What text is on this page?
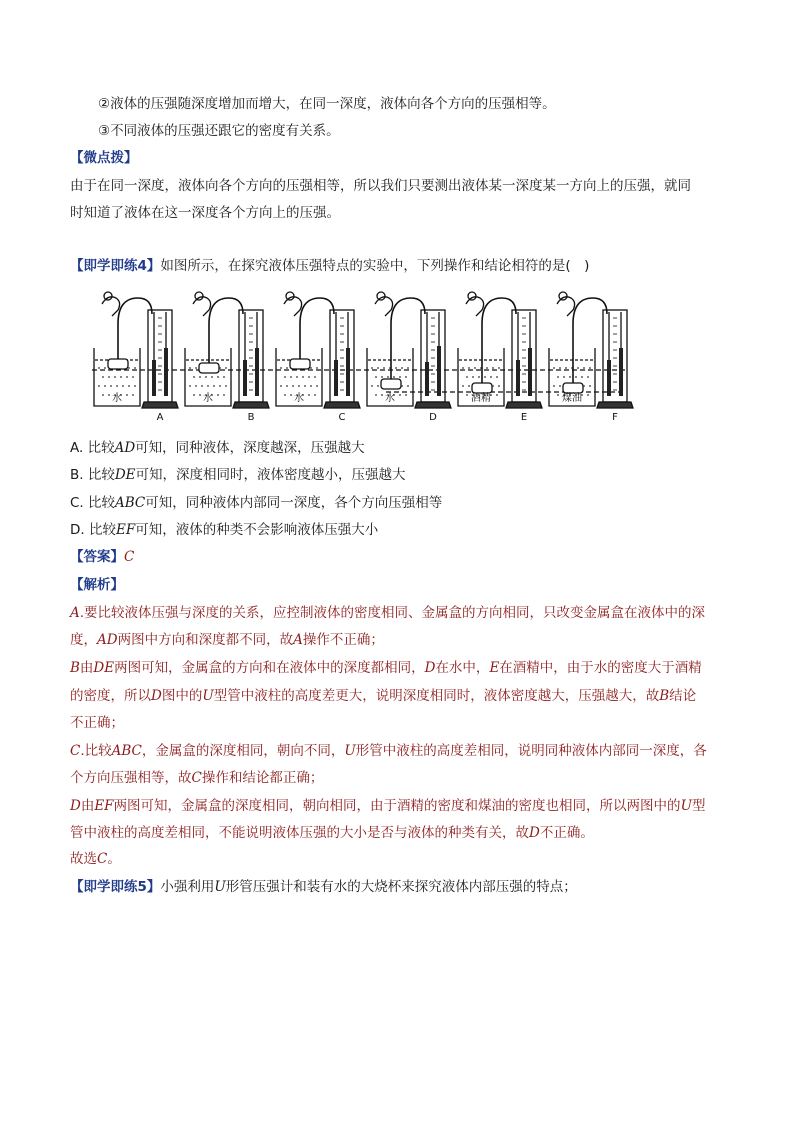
②液体的压强随深度增加而增大，在同一深度，液体向各个方向的压强相等。
③不同液体的压强还跟它的密度有关系。
【微点拨】
由于在同一深度，液体向各个方向的压强相等，所以我们只要测出液体某一深度某一方向上的压强，就同
时知道了液体在这一深度各个方向上的压强。
【即学即练4】如图所示，在探究液体压强特点的实验中，下列操作和结论相符的是(　)
水
A
水
B
水
C
水
D
酒精
E
煤油
F
A. 比较AD可知，同种液体，深度越深，压强越大
B. 比较DE可知，深度相同时，液体密度越小，压强越大
C. 比较ABC可知，同种液体内部同一深度，各个方向压强相等
D. 比较EF可知，液体的种类不会影响液体压强大小
【答案】C
【解析】
A.要比较液体压强与深度的关系，应控制液体的密度相同、金属盒的方向相同，只改变金属盒在液体中的深
度，AD两图中方向和深度都不同，故A操作不正确；
B由DE两图可知，金属盒的方向和在液体中的深度都相同，D在水中，E在酒精中，由于水的密度大于酒精
的密度，所以D图中的U型管中液柱的高度差更大，说明深度相同时，液体密度越大，压强越大，故B结论
不正确；
C.比较ABC，金属盒的深度相同，朝向不同，U形管中液柱的高度差相同，说明同种液体内部同一深度，各
个方向压强相等，故C操作和结论都正确；
D由EF两图可知，金属盒的深度相同，朝向相同，由于酒精的密度和煤油的密度也相同，所以两图中的U型
管中液柱的高度差相同，不能说明液体压强的大小是否与液体的种类有关，故D不正确。
故选C。
【即学即练5】小强利用U形管压强计和装有水的大烧杯来探究液体内部压强的特点；
